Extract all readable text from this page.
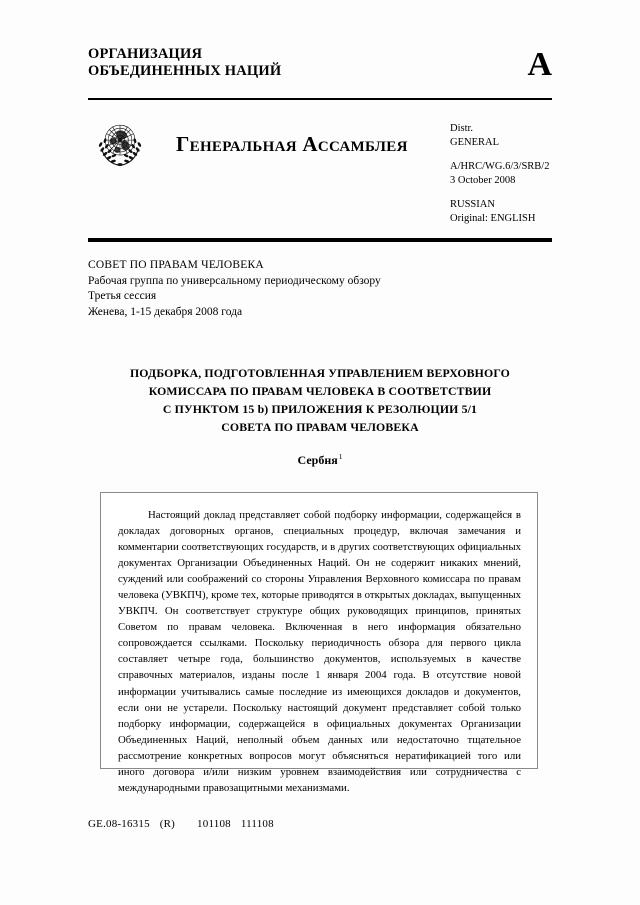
ОРГАНИЗАЦИЯ
ОБЪЕДИНЕННЫХ НАЦИЙ	A
Генеральная Ассамблея
Distr.
GENERAL
A/HRC/WG.6/3/SRB/2
3 October 2008
RUSSIAN
Original: ENGLISH
СОВЕТ ПО ПРАВАМ ЧЕЛОВЕКА
Рабочая группа по универсальному периодическому обзору
Третья сессия
Женева, 1-15 декабря 2008 года
ПОДБОРКА, ПОДГОТОВЛЕННАЯ УПРАВЛЕНИЕМ ВЕРХОВНОГО
КОМИССАРА ПО ПРАВАМ ЧЕЛОВЕКА В СООТВЕТСТВИИ
С ПУНКТОМ 15 b) ПРИЛОЖЕНИЯ К РЕЗОЛЮЦИИ 5/1
СОВЕТА ПО ПРАВАМ ЧЕЛОВЕКА
Сербня$^1$
Настоящий доклад представляет собой подборку информации, содержащейся в докладах договорных органов, специальных процедур, включая замечания и комментарии соответствующих государств, и в других соответствующих официальных документах Организации Объединенных Наций. Он не содержит никаких мнений, суждений или соображений со стороны Управления Верховного комиссара по правам человека (УВКПЧ), кроме тех, которые приводятся в открытых докладах, выпущенных УВКПЧ. Он соответствует структуре общих руководящих принципов, принятых Советом по правам человека. Включенная в него информация обязательно сопровождается ссылками. Поскольку периодичность обзора для первого цикла составляет четыре года, большинство документов, используемых в качестве справочных материалов, изданы после 1 января 2004 года. В отсутствие новой информации учитывались самые последние из имеющихся докладов и документов, если они не устарели. Поскольку настоящий документ представляет собой только подборку информации, содержащейся в официальных документах Организации Объединенных Наций, неполный объем данных или недостаточно тщательное рассмотрение конкретных вопросов могут объясняться нератификацией того или иного договора и/или низким уровнем взаимодействия или сотрудничества с международными правозащитными механизмами.
GE.08-16315 (R) 101108 111108
